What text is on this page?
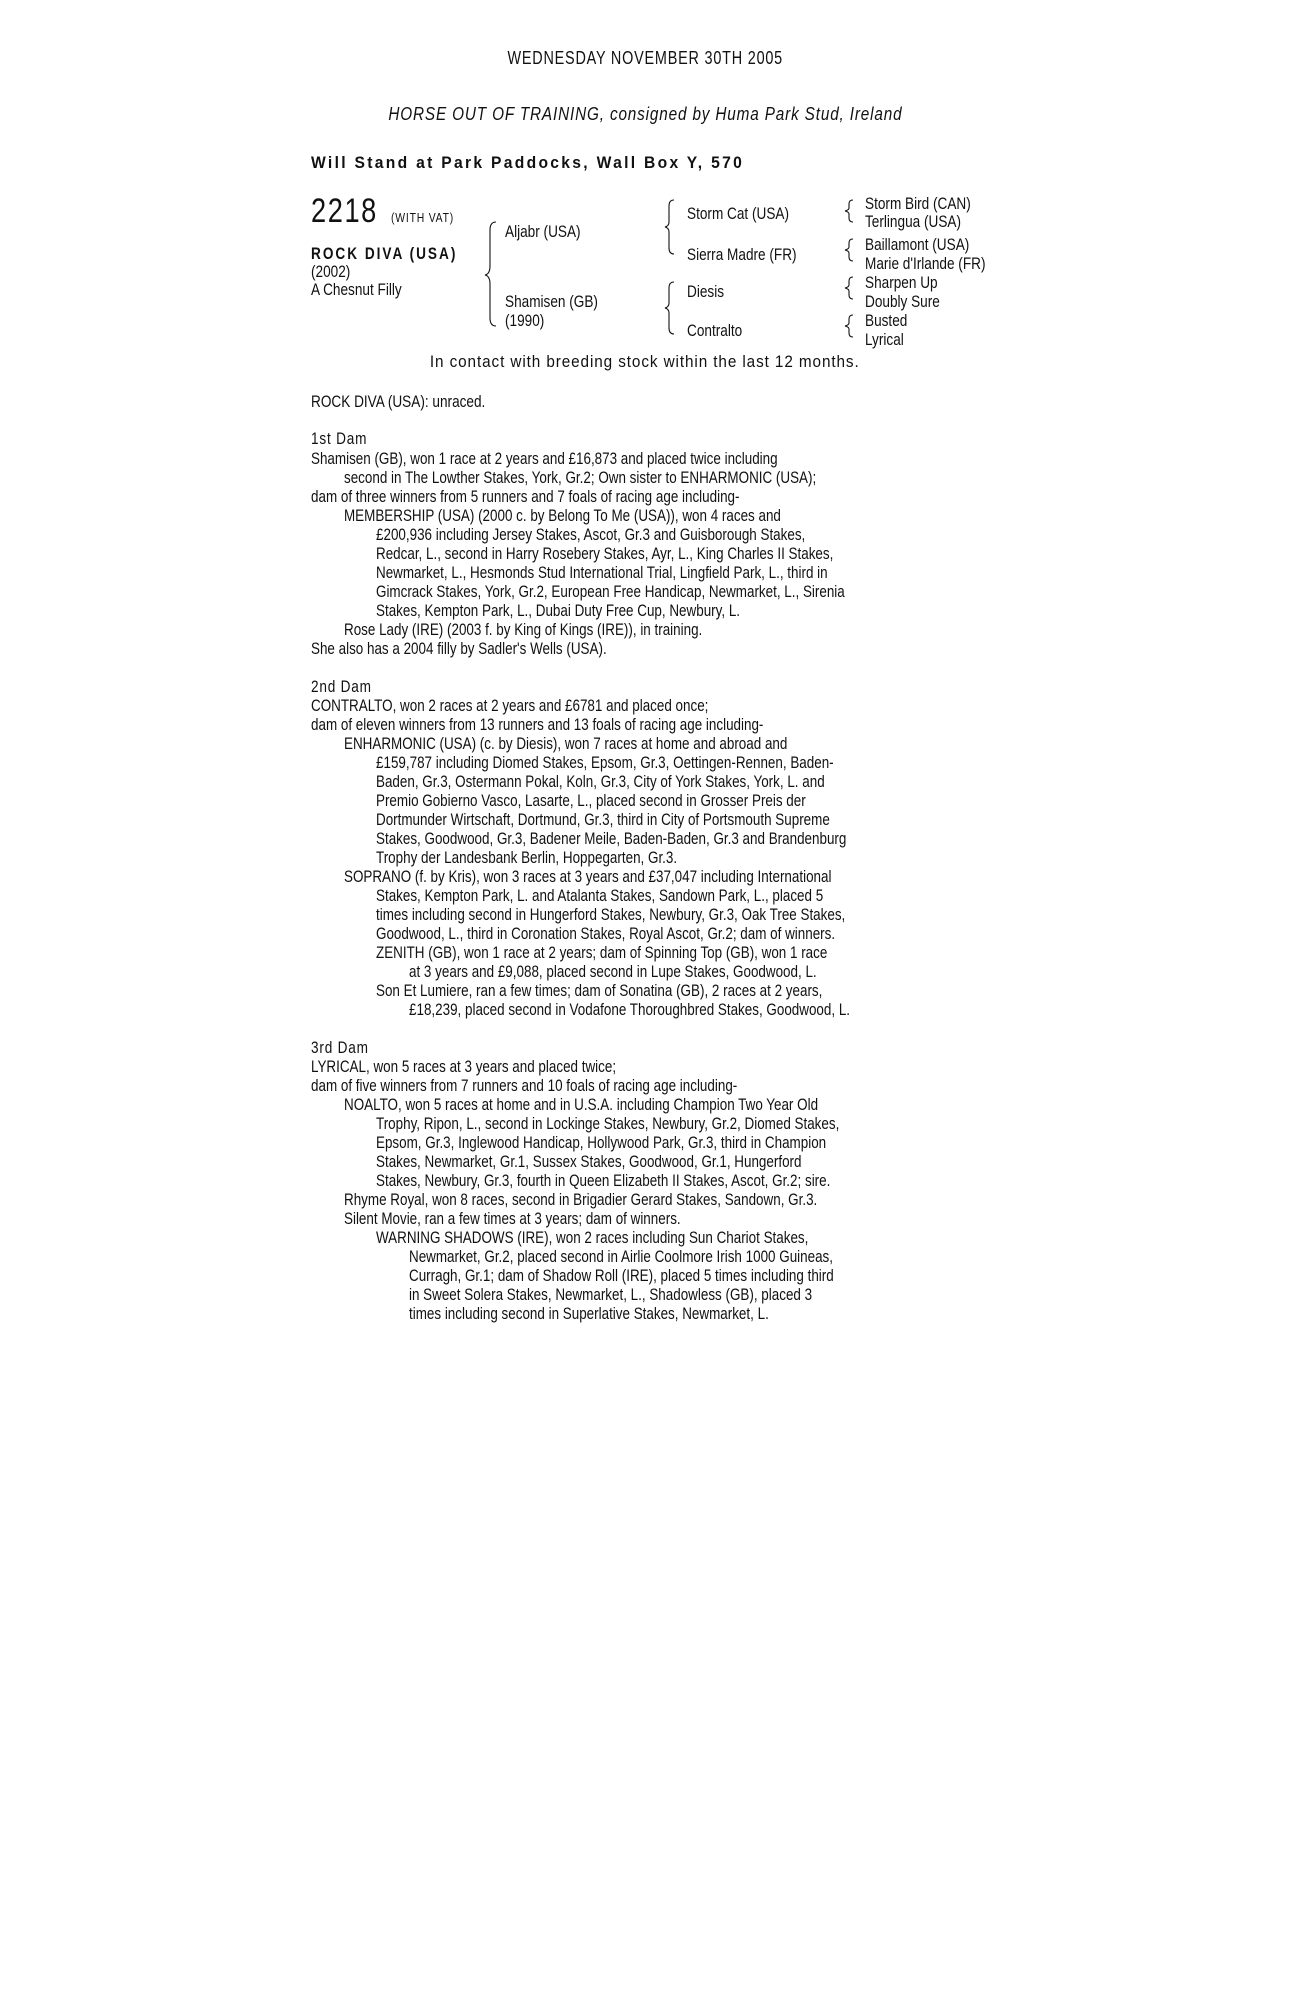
WEDNESDAY NOVEMBER 30TH 2005
HORSE OUT OF TRAINING, consigned by Huma Park Stud, Ireland
Will Stand at Park Paddocks, Wall Box Y, 570
2218	(WITH VAT)
ROCK DIVA (USA)
(2002)
A Chesnut Filly
Aljabr (USA)
Shamisen (GB)
(1990)
Storm Cat (USA)
Sierra Madre (FR)
Diesis
Contralto
Storm Bird (CAN)
Terlingua (USA)
Baillamont (USA)
Marie d'Irlande (FR)
Sharpen Up
Doubly Sure
Busted
Lyrical
In contact with breeding stock within the last 12 months.
ROCK DIVA (USA): unraced.
1st Dam
Shamisen (GB), won 1 race at 2 years and £16,873 and placed twice including
second in The Lowther Stakes, York, Gr.2; Own sister to ENHARMONIC (USA);
dam of three winners from 5 runners and 7 foals of racing age including-
MEMBERSHIP (USA) (2000 c. by Belong To Me (USA)), won 4 races and
£200,936 including Jersey Stakes, Ascot, Gr.3 and Guisborough Stakes,
Redcar, L., second in Harry Rosebery Stakes, Ayr, L., King Charles II Stakes,
Newmarket, L., Hesmonds Stud International Trial, Lingfield Park, L., third in
Gimcrack Stakes, York, Gr.2, European Free Handicap, Newmarket, L., Sirenia
Stakes, Kempton Park, L., Dubai Duty Free Cup, Newbury, L.
Rose Lady (IRE) (2003 f. by King of Kings (IRE)), in training.
She also has a 2004 filly by Sadler's Wells (USA).
2nd Dam
CONTRALTO, won 2 races at 2 years and £6781 and placed once;
dam of eleven winners from 13 runners and 13 foals of racing age including-
ENHARMONIC (USA) (c. by Diesis), won 7 races at home and abroad and
£159,787 including Diomed Stakes, Epsom, Gr.3, Oettingen-Rennen, Baden-
Baden, Gr.3, Ostermann Pokal, Koln, Gr.3, City of York Stakes, York, L. and
Premio Gobierno Vasco, Lasarte, L., placed second in Grosser Preis der
Dortmunder Wirtschaft, Dortmund, Gr.3, third in City of Portsmouth Supreme
Stakes, Goodwood, Gr.3, Badener Meile, Baden-Baden, Gr.3 and Brandenburg
Trophy der Landesbank Berlin, Hoppegarten, Gr.3.
SOPRANO (f. by Kris), won 3 races at 3 years and £37,047 including International
Stakes, Kempton Park, L. and Atalanta Stakes, Sandown Park, L., placed 5
times including second in Hungerford Stakes, Newbury, Gr.3, Oak Tree Stakes,
Goodwood, L., third in Coronation Stakes, Royal Ascot, Gr.2; dam of winners.
ZENITH (GB), won 1 race at 2 years; dam of Spinning Top (GB), won 1 race
at 3 years and £9,088, placed second in Lupe Stakes, Goodwood, L.
Son Et Lumiere, ran a few times; dam of Sonatina (GB), 2 races at 2 years,
£18,239, placed second in Vodafone Thoroughbred Stakes, Goodwood, L.
3rd Dam
LYRICAL, won 5 races at 3 years and placed twice;
dam of five winners from 7 runners and 10 foals of racing age including-
NOALTO, won 5 races at home and in U.S.A. including Champion Two Year Old
Trophy, Ripon, L., second in Lockinge Stakes, Newbury, Gr.2, Diomed Stakes,
Epsom, Gr.3, Inglewood Handicap, Hollywood Park, Gr.3, third in Champion
Stakes, Newmarket, Gr.1, Sussex Stakes, Goodwood, Gr.1, Hungerford
Stakes, Newbury, Gr.3, fourth in Queen Elizabeth II Stakes, Ascot, Gr.2; sire.
Rhyme Royal, won 8 races, second in Brigadier Gerard Stakes, Sandown, Gr.3.
Silent Movie, ran a few times at 3 years; dam of winners.
WARNING SHADOWS (IRE), won 2 races including Sun Chariot Stakes,
Newmarket, Gr.2, placed second in Airlie Coolmore Irish 1000 Guineas,
Curragh, Gr.1; dam of Shadow Roll (IRE), placed 5 times including third
in Sweet Solera Stakes, Newmarket, L., Shadowless (GB), placed 3
times including second in Superlative Stakes, Newmarket, L.
